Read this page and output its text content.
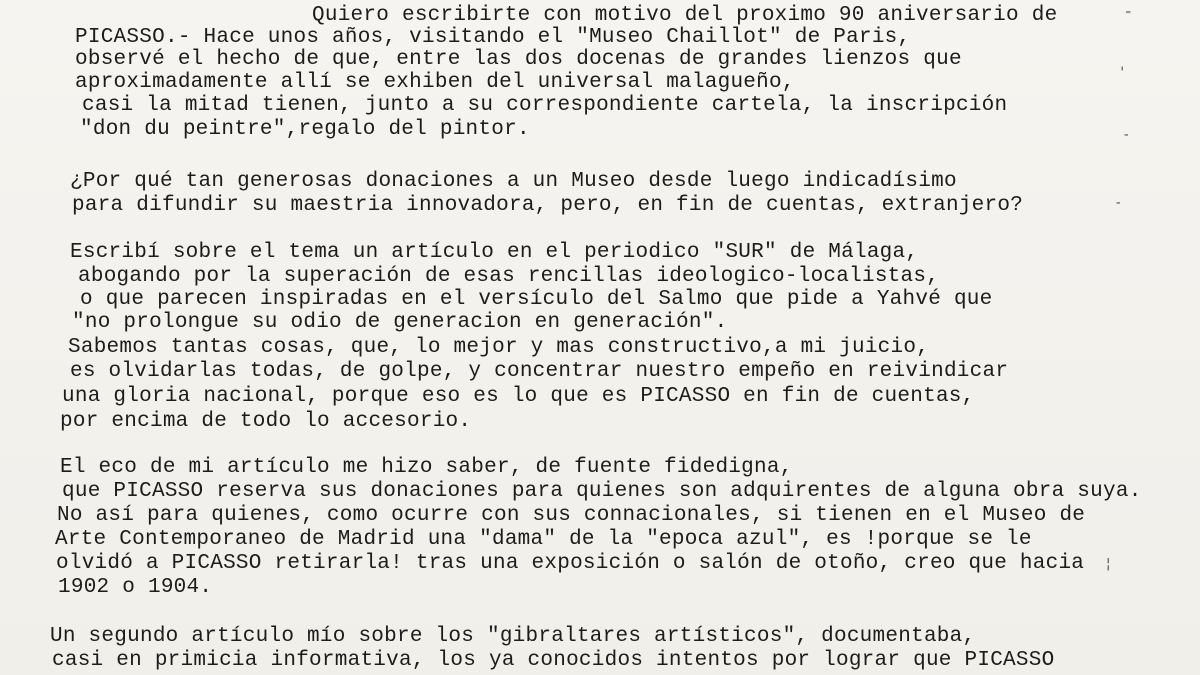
Quiero escribirte con motivo del proximo 90 aniversario de
PICASSO.- Hace unos años, visitando el "Museo Chaillot" de Paris,
observé el hecho de que, entre las dos docenas de grandes lienzos que
aproximadamente allí se exhiben del universal malagueño,
casi la mitad tienen, junto a su correspondiente cartela, la inscripción
"don du peintre",regalo del pintor.
¿Por qué tan generosas donaciones a un Museo desde luego indicadísimo
para difundir su maestria innovadora, pero, en fin de cuentas, extranjero?
Escribí sobre el tema un artículo en el periodico "SUR" de Málaga,
abogando por la superación de esas rencillas ideologico-localistas,
o que parecen inspiradas en el versículo del Salmo que pide a Yahvé que
"no prolongue su odio de generacion en generación".
Sabemos tantas cosas, que, lo mejor y mas constructivo,a mi juicio,
es olvidarlas todas, de golpe, y concentrar nuestro empeño en reivindicar
una gloria nacional, porque eso es lo que es PICASSO en fin de cuentas,
por encima de todo lo accesorio.
El eco de mi artículo me hizo saber, de fuente fidedigna,
que PICASSO reserva sus donaciones para quienes son adquirentes de alguna obra suya.
No así para quienes, como ocurre con sus connacionales, si tienen en el Museo de
Arte Contemporaneo de Madrid una "dama" de la "epoca azul", es !porque se le
olvidó a PICASSO retirarla! tras una exposición o salón de otoño, creo que hacia
1902 o 1904.
Un segundo artículo mío sobre los "gibraltares artísticos", documentaba,
casi en primicia informativa, los ya conocidos intentos por lograr que PICASSO
⁼
'
-
-
¦
